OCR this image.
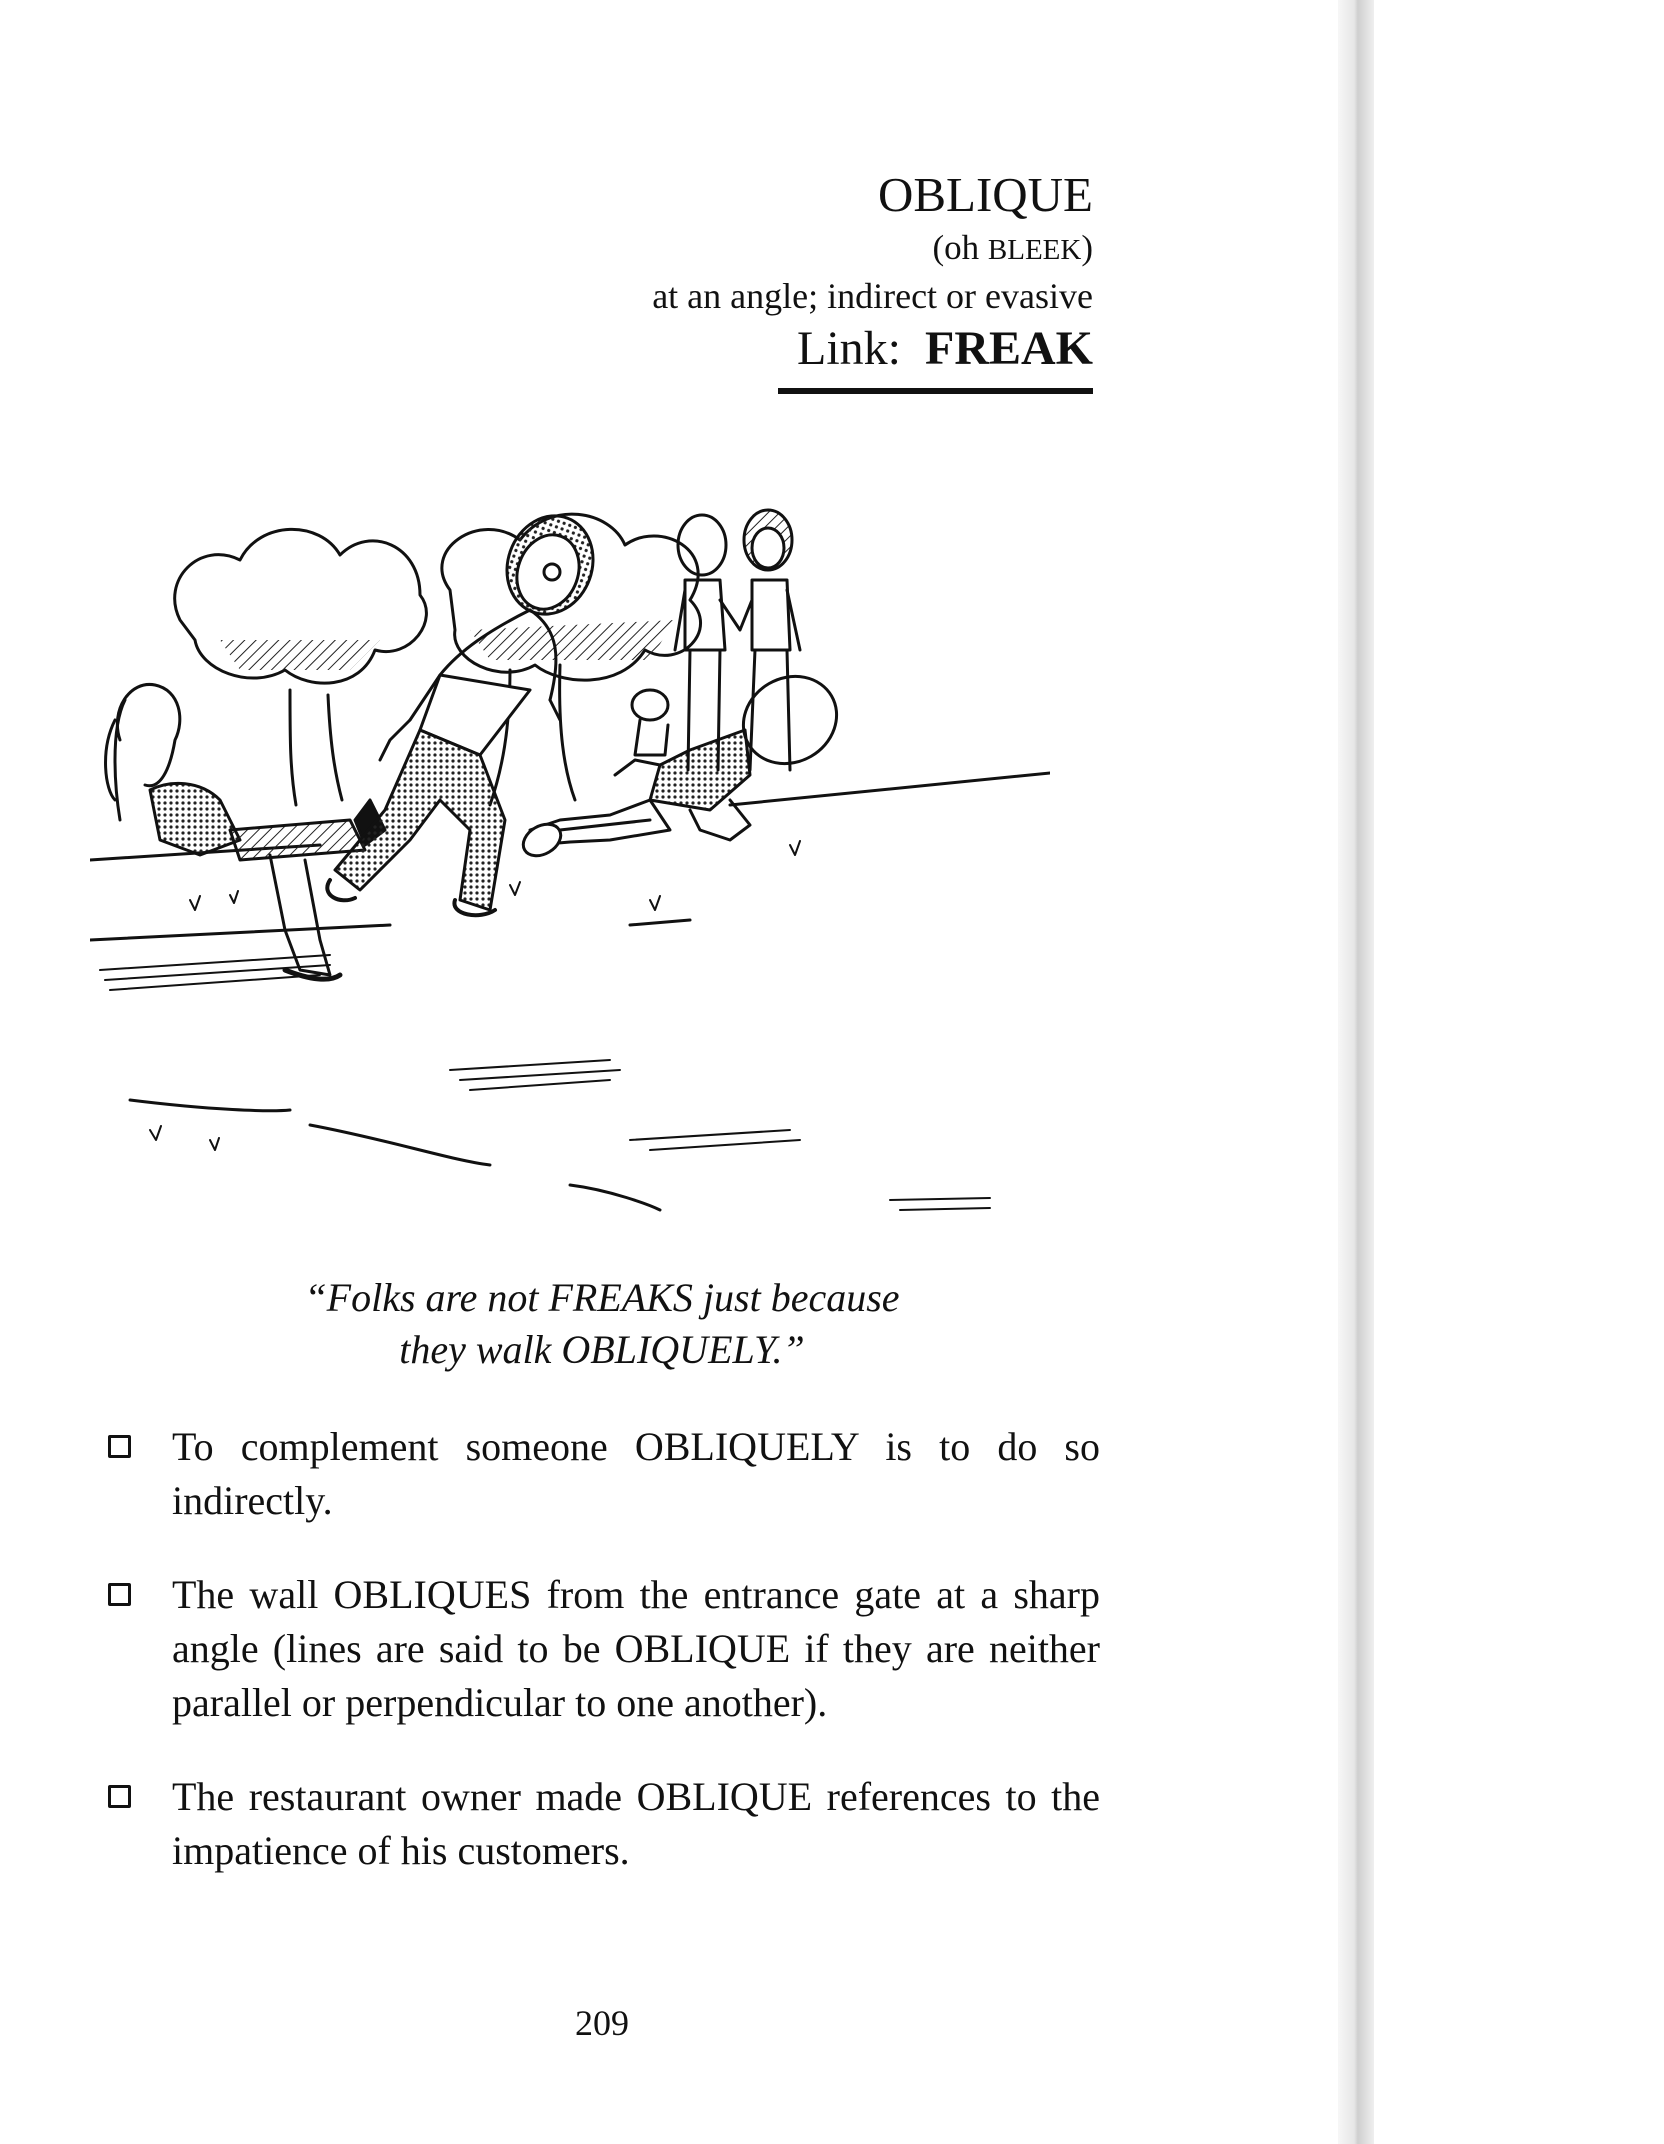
OBLIQUE
(oh BLEEK)
at an angle; indirect or evasive
Link: FREAK
“Folks are not FREAKS just because
they walk OBLIQUELY.”
To complement someone OBLIQUELY is to do so indirectly.
The wall OBLIQUES from the entrance gate at a sharp angle (lines are said to be OBLIQUE if they are neither parallel or perpendicular to one another).
The restaurant owner made OBLIQUE references to the impatience of his customers.
209
